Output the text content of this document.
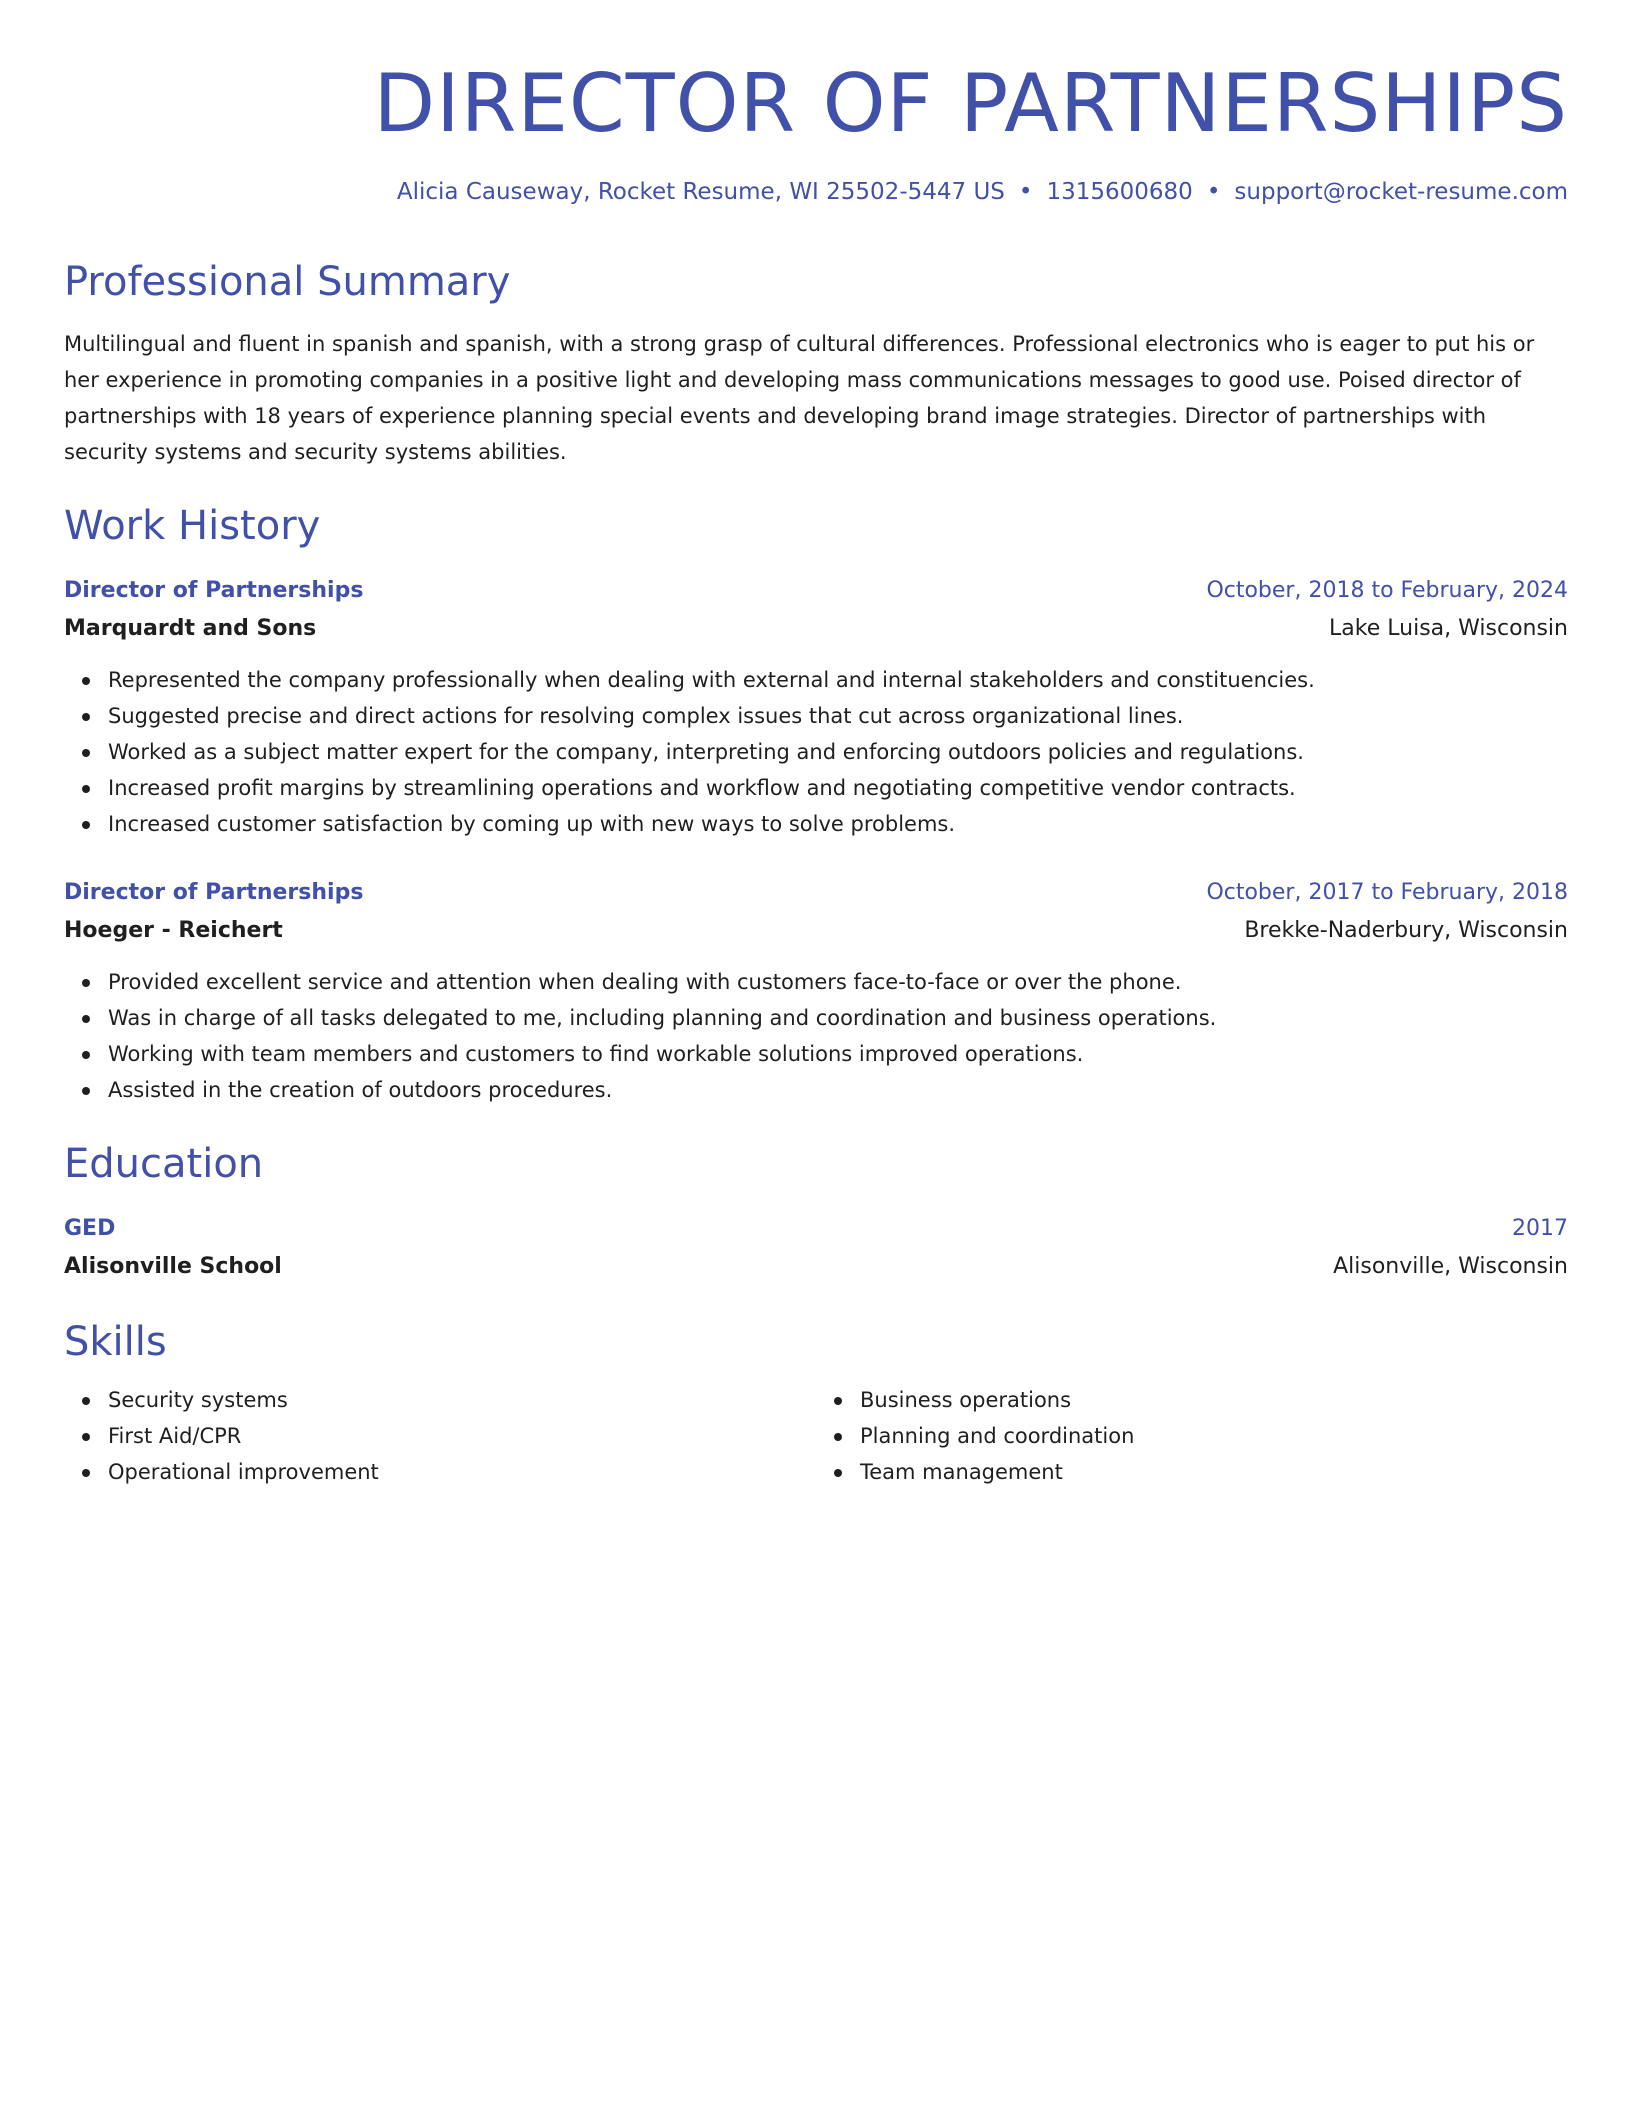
DIRECTOR OF PARTNERSHIPS
Alicia Causeway, Rocket Resume, WI 25502-5447 US • 1315600680 • support@rocket-resume.com
Professional Summary

Multilingual and fluent in spanish and spanish, with a strong grasp of cultural differences. Professional electronics who is eager to put his or her experience in promoting companies in a positive light and developing mass communications messages to good use. Poised director of partnerships with 18 years of experience planning special events and developing brand image strategies. Director of partnerships with security systems and security systems abilities.

Work History
Director of Partnerships	October, 2018 to February, 2024
Marquardt and Sons	Lake Luisa, Wisconsin
Represented the company professionally when dealing with external and internal stakeholders and constituencies.
Suggested precise and direct actions for resolving complex issues that cut across organizational lines.
Worked as a subject matter expert for the company, interpreting and enforcing outdoors policies and regulations.
Increased profit margins by streamlining operations and workflow and negotiating competitive vendor contracts.
Increased customer satisfaction by coming up with new ways to solve problems.
Director of Partnerships	October, 2017 to February, 2018
Hoeger - Reichert	Brekke-Naderbury, Wisconsin
Provided excellent service and attention when dealing with customers face-to-face or over the phone.
Was in charge of all tasks delegated to me, including planning and coordination and business operations.
Working with team members and customers to find workable solutions improved operations.
Assisted in the creation of outdoors procedures.
Education
GED	2017
Alisonville School	Alisonville, Wisconsin
Skills
Security systems
First Aid/CPR
Operational improvement
Business operations
Planning and coordination
Team management
